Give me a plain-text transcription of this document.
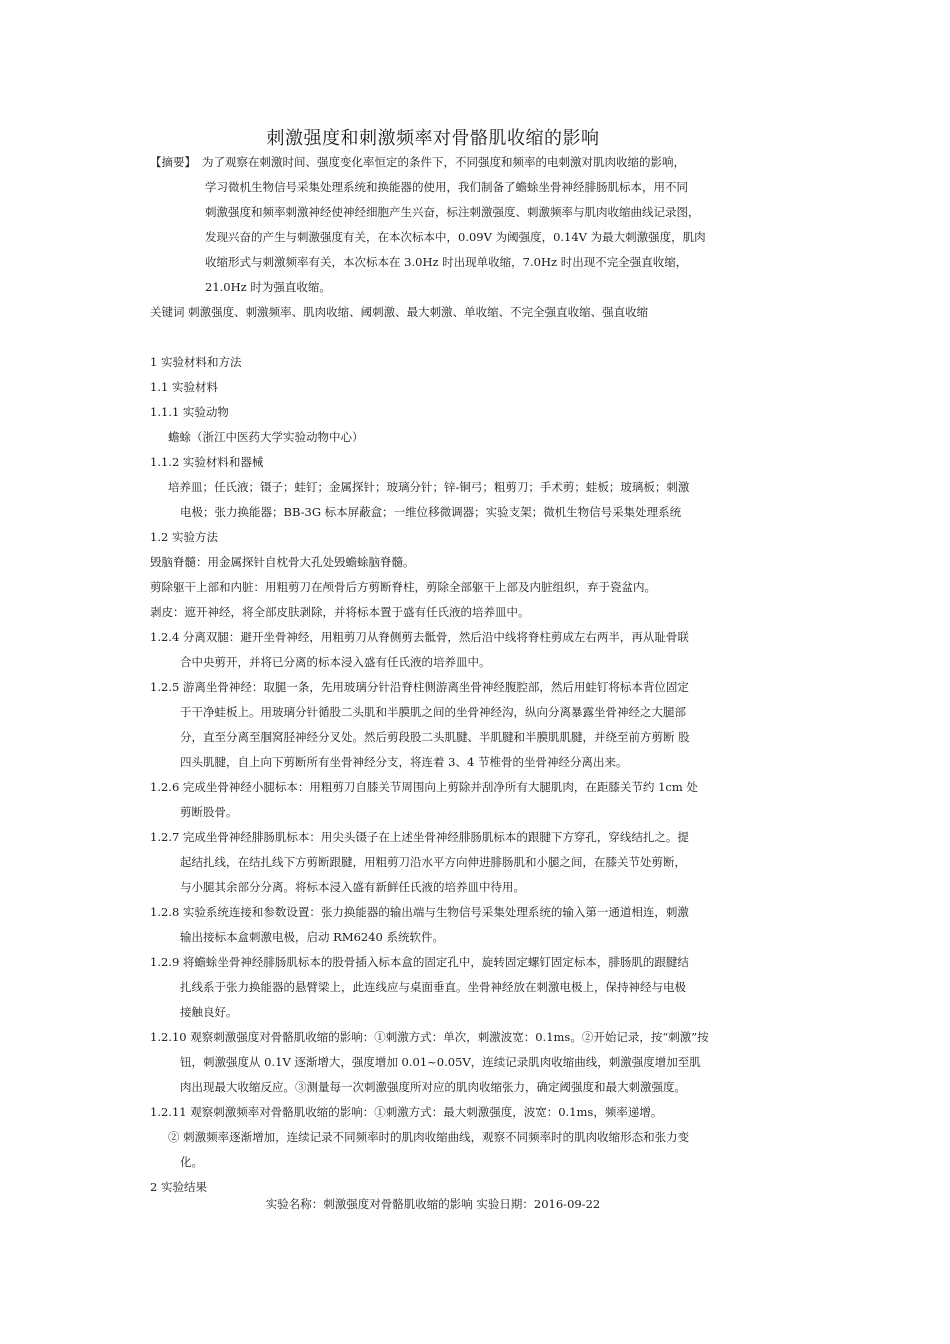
刺激强度和刺激频率对骨骼肌收缩的影响
【摘要】 为了观察在刺激时间、强度变化率恒定的条件下，不同强度和频率的电刺激对肌肉收缩的影响，
学习微机生物信号采集处理系统和换能器的使用，我们制备了蟾蜍坐骨神经腓肠肌标本，用不同
刺激强度和频率刺激神经使神经细胞产生兴奋，标注刺激强度、刺激频率与肌肉收缩曲线记录图，
发现兴奋的产生与刺激强度有关，在本次标本中，0.09V 为阈强度，0.14V 为最大刺激强度，肌肉
收缩形式与刺激频率有关，本次标本在 3.0Hz 时出现单收缩，7.0Hz 时出现不完全强直收缩，
21.0Hz 时为强直收缩。
关键词 刺激强度、刺激频率、肌肉收缩、阈刺激、最大刺激、单收缩、不完全强直收缩、强直收缩
1 实验材料和方法
1.1 实验材料
1.1.1 实验动物
蟾蜍（浙江中医药大学实验动物中心）
1.1.2 实验材料和器械
培养皿；任氏液；镊子；蛙钉；金属探针；玻璃分针；锌-铜弓；粗剪刀；手术剪；蛙板；玻璃板；刺激
电极；张力换能器；BB-3G 标本屏蔽盒；一维位移微调器；实验支架；微机生物信号采集处理系统
1.2 实验方法
毁脑脊髓：用金属探针自枕骨大孔处毁蟾蜍脑脊髓。
剪除躯干上部和内脏：用粗剪刀在颅骨后方剪断脊柱，剪除全部躯干上部及内脏组织，弃于瓷盆内。
剥皮：遮开神经，将全部皮肤剥除，并将标本置于盛有任氏液的培养皿中。
1.2.4 分离双腿：避开坐骨神经，用粗剪刀从脊侧剪去骶骨，然后沿中线将脊柱剪成左右两半，再从耻骨联
合中央剪开，并将已分离的标本浸入盛有任氏液的培养皿中。
1.2.5 游离坐骨神经：取腿一条，先用玻璃分针沿脊柱侧游离坐骨神经腹腔部，然后用蛙钉将标本背位固定
于干净蛙板上。用玻璃分针循股二头肌和半膜肌之间的坐骨神经沟，纵向分离暴露坐骨神经之大腿部
分，直至分离至腘窝胫神经分叉处。然后剪段股二头肌腱、半肌腱和半膜肌肌腱，并绕至前方剪断 股
四头肌腱，自上向下剪断所有坐骨神经分支，将连着 3、4 节椎骨的坐骨神经分离出来。
1.2.6 完成坐骨神经小腿标本：用粗剪刀自膝关节周围向上剪除并刮净所有大腿肌肉，在距膝关节约 1cm 处
剪断股骨。
1.2.7 完成坐骨神经腓肠肌标本：用尖头镊子在上述坐骨神经腓肠肌标本的跟腱下方穿孔，穿线结扎之。提
起结扎线，在结扎线下方剪断跟腱，用粗剪刀沿水平方向伸进腓肠肌和小腿之间，在膝关节处剪断，
与小腿其余部分分离。将标本浸入盛有新鲜任氏液的培养皿中待用。
1.2.8 实验系统连接和参数设置：张力换能器的输出端与生物信号采集处理系统的输入第一通道相连，刺激
输出接标本盒刺激电极，启动 RM6240 系统软件。
1.2.9 将蟾蜍坐骨神经腓肠肌标本的股骨插入标本盒的固定孔中，旋转固定螺钉固定标本，腓肠肌的跟腱结
扎线系于张力换能器的悬臂梁上，此连线应与桌面垂直。坐骨神经放在刺激电极上，保持神经与电极
接触良好。
1.2.10 观察刺激强度对骨骼肌收缩的影响：①刺激方式：单次，刺激波宽：0.1ms。②开始记录，按“刺激”按
钮，刺激强度从 0.1V 逐渐增大，强度增加 0.01~0.05V，连续记录肌肉收缩曲线，刺激强度增加至肌
肉出现最大收缩反应。③测量每一次刺激强度所对应的肌肉收缩张力，确定阈强度和最大刺激强度。
1.2.11 观察刺激频率对骨骼肌收缩的影响：①刺激方式：最大刺激强度，波宽：0.1ms，频率递增。
② 刺激频率逐渐增加，连续记录不同频率时的肌肉收缩曲线，观察不同频率时的肌肉收缩形态和张力变
化。
2 实验结果
实验名称：刺激强度对骨骼肌收缩的影响 实验日期：2016-09-22
